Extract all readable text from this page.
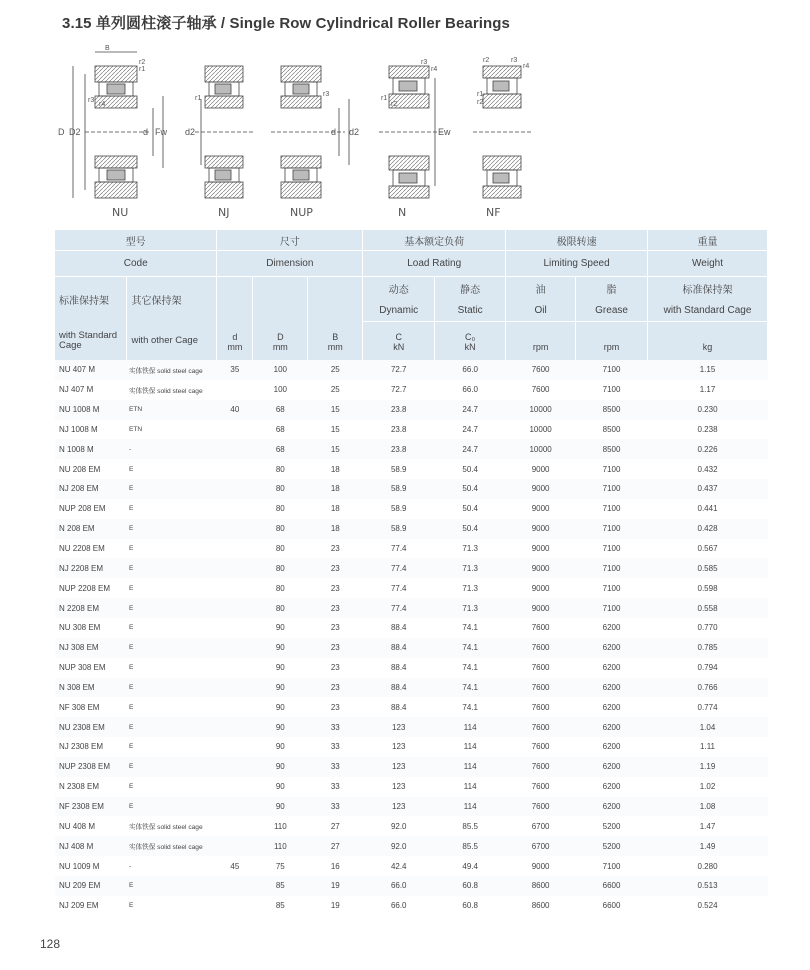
3.15 单列圆柱滚子轴承 / Single Row Cylindrical Roller Bearings
B
r2
r1
r3
r4
D D2	d Fw
r1
d2
r3
d2
d
r3
r4
r1
r2
Ew
r2	r3
r4
r1
r2
NU	NJ	NUP	N	NF
型号		尺寸			基本额定负荷		极限转速		重量
Code		Dimension			Load Rating		Limiting Speed		Weight
标准保持架	其它保持架				动态	静态	油	脂	标准保持架
					Dynamic	Static	Oil	Grease	with Standard Cage
with Standard Cage	with other Cage	d	D	B	C	C₀			
		mm	mm	mm	kN	kN	rpm	rpm	kg
NU 407 M	实体铁保 solid steel cage	35	100	25	72.7	66.0	7600	7100	1.15
NJ 407 M	实体铁保 solid steel cage		100	25	72.7	66.0	7600	7100	1.17
NU 1008 M	ETN	40	68	15	23.8	24.7	10000	8500	0.230
NJ 1008 M	ETN		68	15	23.8	24.7	10000	8500	0.238
N 1008 M	-		68	15	23.8	24.7	10000	8500	0.226
NU 208 EM	E		80	18	58.9	50.4	9000	7100	0.432
NJ 208 EM	E		80	18	58.9	50.4	9000	7100	0.437
NUP 208 EM	E		80	18	58.9	50.4	9000	7100	0.441
N 208 EM	E		80	18	58.9	50.4	9000	7100	0.428
NU 2208 EM	E		80	23	77.4	71.3	9000	7100	0.567
NJ 2208 EM	E		80	23	77.4	71.3	9000	7100	0.585
NUP 2208 EM	E		80	23	77.4	71.3	9000	7100	0.598
N 2208 EM	E		80	23	77.4	71.3	9000	7100	0.558
NU 308 EM	E		90	23	88.4	74.1	7600	6200	0.770
NJ 308 EM	E		90	23	88.4	74.1	7600	6200	0.785
NUP 308 EM	E		90	23	88.4	74.1	7600	6200	0.794
N 308 EM	E		90	23	88.4	74.1	7600	6200	0.766
NF 308 EM	E		90	23	88.4	74.1	7600	6200	0.774
NU 2308 EM	E		90	33	123	114	7600	6200	1.04
NJ 2308 EM	E		90	33	123	114	7600	6200	1.11
NUP 2308 EM	E		90	33	123	114	7600	6200	1.19
N 2308 EM	E		90	33	123	114	7600	6200	1.02
NF 2308 EM	E		90	33	123	114	7600	6200	1.08
NU 408 M	实体铁保 solid steel cage		110	27	92.0	85.5	6700	5200	1.47
NJ 408 M	实体铁保 solid steel cage		110	27	92.0	85.5	6700	5200	1.49
NU 1009 M	-	45	75	16	42.4	49.4	9000	7100	0.280
NU 209 EM	E		85	19	66.0	60.8	8600	6600	0.513
NJ 209 EM	E		85	19	66.0	60.8	8600	6600	0.524
128
